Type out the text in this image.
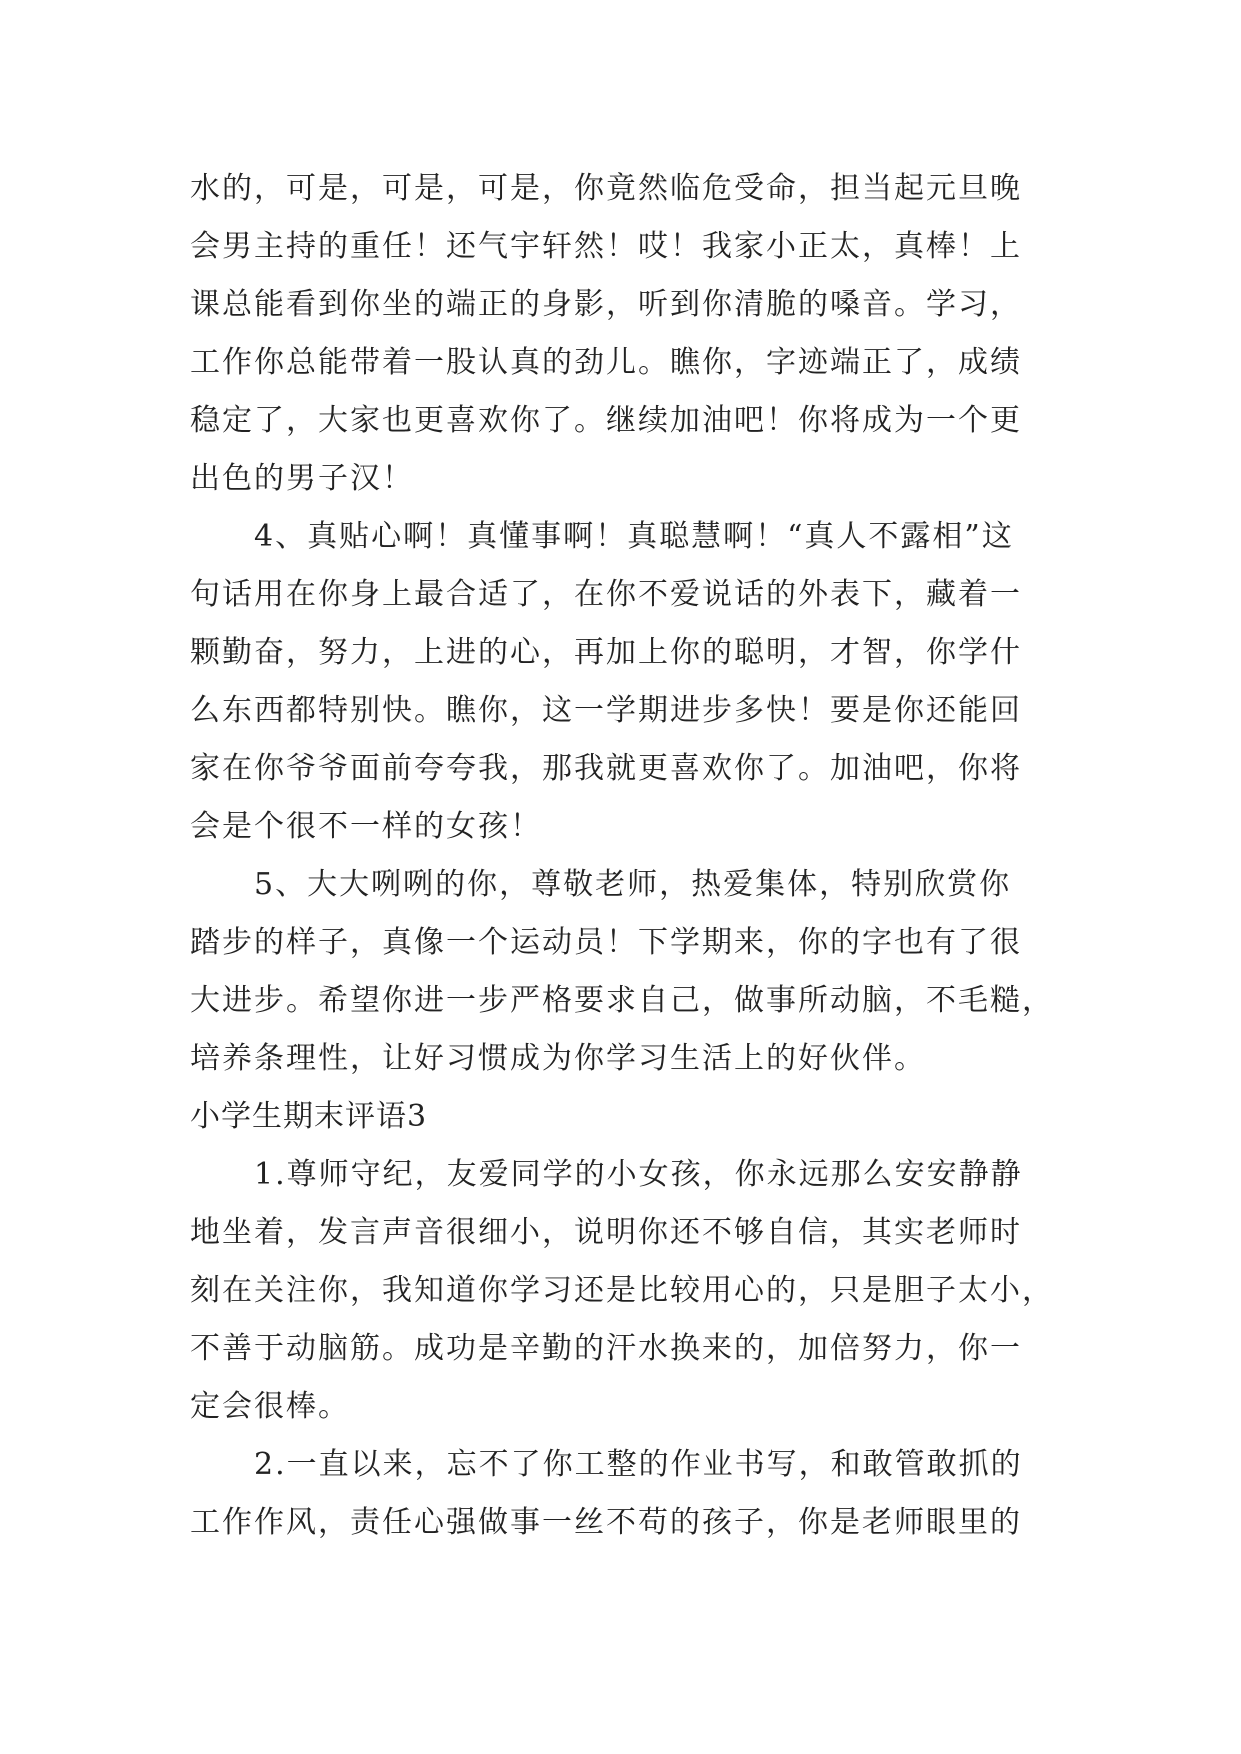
水的，可是，可是，可是，你竟然临危受命，担当起元旦晚
会男主持的重任！还气宇轩然！哎！我家小正太，真棒！上
课总能看到你坐的端正的身影，听到你清脆的嗓音。学习，
工作你总能带着一股认真的劲儿。瞧你，字迹端正了，成绩
稳定了，大家也更喜欢你了。继续加油吧！你将成为一个更
出色的男子汉！
4、真贴心啊！真懂事啊！真聪慧啊！“真人不露相”这
句话用在你身上最合适了，在你不爱说话的外表下，藏着一
颗勤奋，努力，上进的心，再加上你的聪明，才智，你学什
么东西都特别快。瞧你，这一学期进步多快！要是你还能回
家在你爷爷面前夸夸我，那我就更喜欢你了。加油吧，你将
会是个很不一样的女孩！
5、大大咧咧的你，尊敬老师，热爱集体，特别欣赏你
踏步的样子，真像一个运动员！下学期来，你的字也有了很
大进步。希望你进一步严格要求自己，做事所动脑，不毛糙，
培养条理性，让好习惯成为你学习生活上的好伙伴。
小学生期末评语3
1.尊师守纪，友爱同学的小女孩，你永远那么安安静静
地坐着，发言声音很细小，说明你还不够自信，其实老师时
刻在关注你，我知道你学习还是比较用心的，只是胆子太小，
不善于动脑筋。成功是辛勤的汗水换来的，加倍努力，你一
定会很棒。
2.一直以来，忘不了你工整的作业书写，和敢管敢抓的
工作作风，责任心强做事一丝不苟的孩子，你是老师眼里的
